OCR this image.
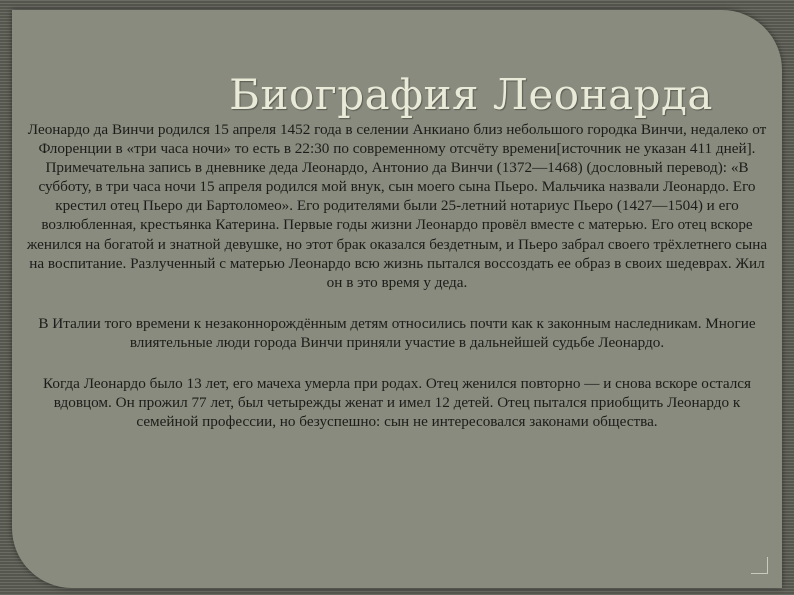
Биография Леонарда

Леонардо да Винчи родился 15 апреля 1452 года в селении Анкиано близ небольшого городка Винчи, недалеко от Флоренции в «три часа ночи» то есть в 22:30 по современному отсчёту времени[источник не указан 411 дней]. Примечательна запись в дневнике деда Леонардо, Антонио да Винчи (1372—1468) (дословный перевод): «В субботу, в три часа ночи 15 апреля родился мой внук, сын моего сына Пьеро. Мальчика назвали Леонардо. Его крестил отец Пьеро ди Бартоломео». Его родителями были 25-летний нотариус Пьеро (1427—1504) и его возлюбленная, крестьянка Катерина. Первые годы жизни Леонардо провёл вместе с матерью. Его отец вскоре женился на богатой и знатной девушке, но этот брак оказался бездетным, и Пьеро забрал своего трёхлетнего сына на воспитание. Разлученный с матерью Леонардо всю жизнь пытался воссоздать ее образ в своих шедеврах. Жил он в это время у деда.

В Италии того времени к незаконнорождённым детям относились почти как к законным наследникам. Многие влиятельные люди города Винчи приняли участие в дальнейшей судьбе Леонардо.

Когда Леонардо было 13 лет, его мачеха умерла при родах. Отец женился повторно — и снова вскоре остался вдовцом. Он прожил 77 лет, был четырежды женат и имел 12 детей. Отец пытался приобщить Леонардо к семейной профессии, но безуспешно: сын не интересовался законами общества.
